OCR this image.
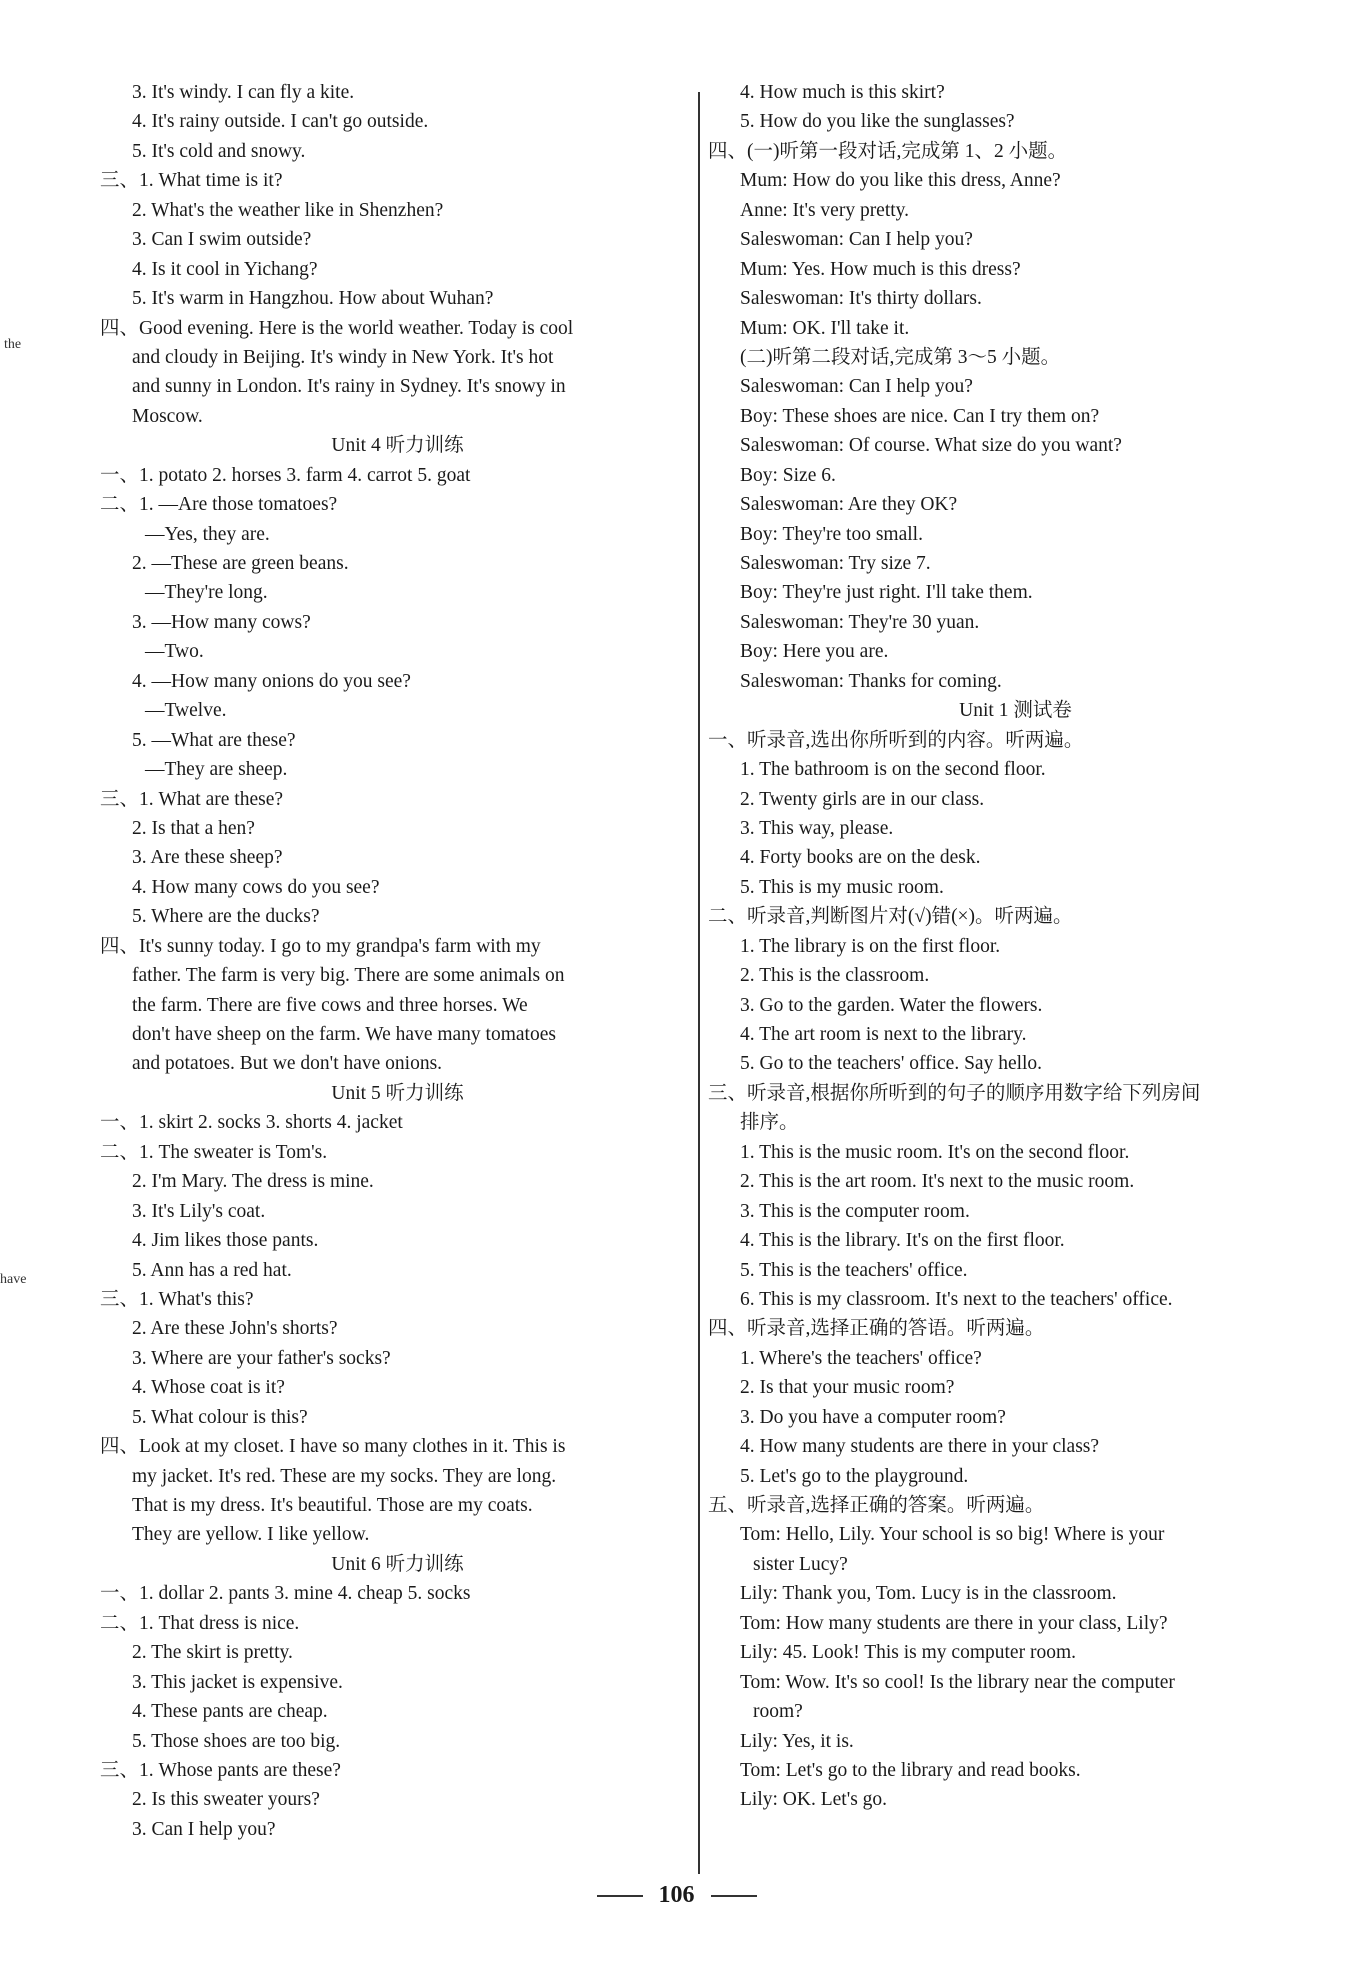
3. It's windy. I can fly a kite.
4. It's rainy outside. I can't go outside.
5. It's cold and snowy.
三、1. What time is it?
2. What's the weather like in Shenzhen?
3. Can I swim outside?
4. Is it cool in Yichang?
5. It's warm in Hangzhou. How about Wuhan?
四、Good evening. Here is the world weather. Today is cool
and cloudy in Beijing. It's windy in New York. It's hot
and sunny in London. It's rainy in Sydney. It's snowy in
Moscow.
Unit 4 听力训练
一、1. potato 2. horses 3. farm 4. carrot 5. goat
二、1. —Are those tomatoes?
—Yes, they are.
2. —These are green beans.
—They're long.
3. —How many cows?
—Two.
4. —How many onions do you see?
—Twelve.
5. —What are these?
—They are sheep.
三、1. What are these?
2. Is that a hen?
3. Are these sheep?
4. How many cows do you see?
5. Where are the ducks?
四、It's sunny today. I go to my grandpa's farm with my
father. The farm is very big. There are some animals on
the farm. There are five cows and three horses. We
don't have sheep on the farm. We have many tomatoes
and potatoes. But we don't have onions.
Unit 5 听力训练
一、1. skirt 2. socks 3. shorts 4. jacket
二、1. The sweater is Tom's.
2. I'm Mary. The dress is mine.
3. It's Lily's coat.
4. Jim likes those pants.
5. Ann has a red hat.
三、1. What's this?
2. Are these John's shorts?
3. Where are your father's socks?
4. Whose coat is it?
5. What colour is this?
四、Look at my closet. I have so many clothes in it. This is
my jacket. It's red. These are my socks. They are long.
That is my dress. It's beautiful. Those are my coats.
They are yellow. I like yellow.
Unit 6 听力训练
一、1. dollar 2. pants 3. mine 4. cheap 5. socks
二、1. That dress is nice.
2. The skirt is pretty.
3. This jacket is expensive.
4. These pants are cheap.
5. Those shoes are too big.
三、1. Whose pants are these?
2. Is this sweater yours?
3. Can I help you?
4. How much is this skirt?
5. How do you like the sunglasses?
四、(一)听第一段对话,完成第 1、2 小题。
Mum: How do you like this dress, Anne?
Anne: It's very pretty.
Saleswoman: Can I help you?
Mum: Yes. How much is this dress?
Saleswoman: It's thirty dollars.
Mum: OK. I'll take it.
(二)听第二段对话,完成第 3～5 小题。
Saleswoman: Can I help you?
Boy: These shoes are nice. Can I try them on?
Saleswoman: Of course. What size do you want?
Boy: Size 6.
Saleswoman: Are they OK?
Boy: They're too small.
Saleswoman: Try size 7.
Boy: They're just right. I'll take them.
Saleswoman: They're 30 yuan.
Boy: Here you are.
Saleswoman: Thanks for coming.
Unit 1 测试卷
一、听录音,选出你所听到的内容。听两遍。
1. The bathroom is on the second floor.
2. Twenty girls are in our class.
3. This way, please.
4. Forty books are on the desk.
5. This is my music room.
二、听录音,判断图片对(√)错(×)。听两遍。
1. The library is on the first floor.
2. This is the classroom.
3. Go to the garden. Water the flowers.
4. The art room is next to the library.
5. Go to the teachers' office. Say hello.
三、听录音,根据你所听到的句子的顺序用数字给下列房间
排序。
1. This is the music room. It's on the second floor.
2. This is the art room. It's next to the music room.
3. This is the computer room.
4. This is the library. It's on the first floor.
5. This is the teachers' office.
6. This is my classroom. It's next to the teachers' office.
四、听录音,选择正确的答语。听两遍。
1. Where's the teachers' office?
2. Is that your music room?
3. Do you have a computer room?
4. How many students are there in your class?
5. Let's go to the playground.
五、听录音,选择正确的答案。听两遍。
Tom: Hello, Lily. Your school is so big! Where is your
sister Lucy?
Lily: Thank you, Tom. Lucy is in the classroom.
Tom: How many students are there in your class, Lily?
Lily: 45. Look! This is my computer room.
Tom: Wow. It's so cool! Is the library near the computer
room?
Lily: Yes, it is.
Tom: Let's go to the library and read books.
Lily: OK. Let's go.
the
have
106
